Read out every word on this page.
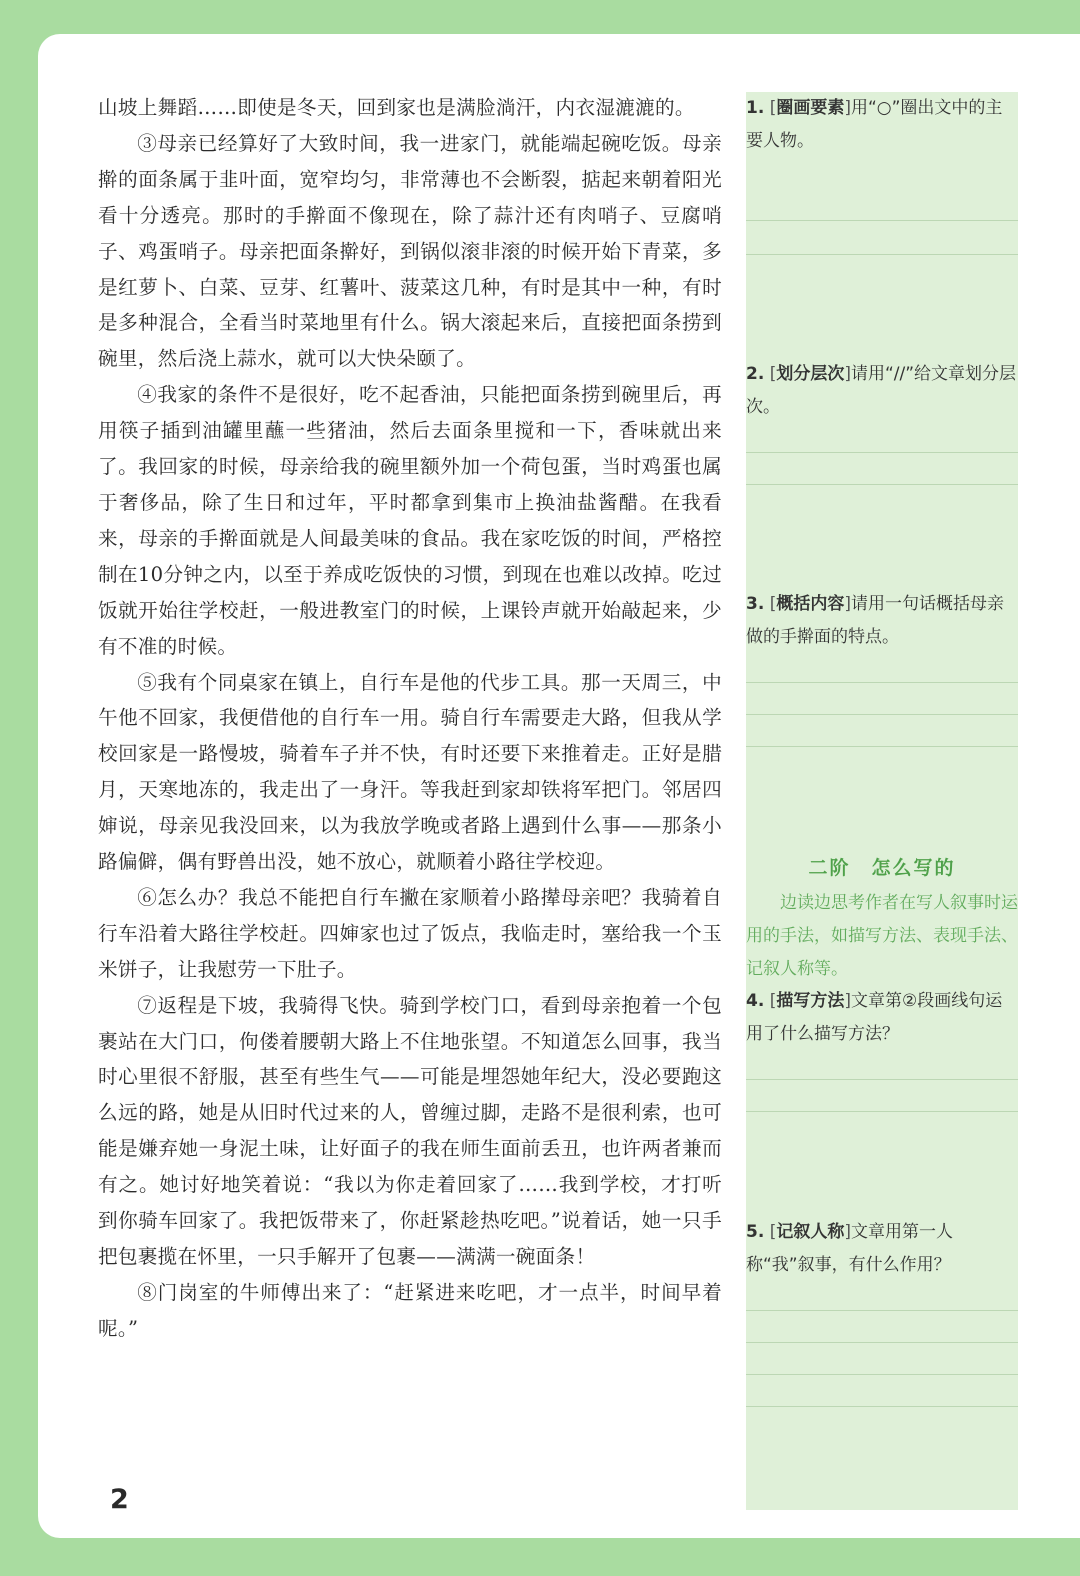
山坡上舞蹈……即使是冬天，回到家也是满脸淌汗，内衣湿漉漉的。

③母亲已经算好了大致时间，我一进家门，就能端起碗吃饭。母亲擀的面条属于韭叶面，宽窄均匀，非常薄也不会断裂，掂起来朝着阳光看十分透亮。那时的手擀面不像现在，除了蒜汁还有肉哨子、豆腐哨子、鸡蛋哨子。母亲把面条擀好，到锅似滚非滚的时候开始下青菜，多是红萝卜、白菜、豆芽、红薯叶、菠菜这几种，有时是其中一种，有时是多种混合，全看当时菜地里有什么。锅大滚起来后，直接把面条捞到碗里，然后浇上蒜水，就可以大快朵颐了。

④我家的条件不是很好，吃不起香油，只能把面条捞到碗里后，再用筷子插到油罐里蘸一些猪油，然后去面条里搅和一下，香味就出来了。我回家的时候，母亲给我的碗里额外加一个荷包蛋，当时鸡蛋也属于奢侈品，除了生日和过年，平时都拿到集市上换油盐酱醋。在我看来，母亲的手擀面就是人间最美味的食品。我在家吃饭的时间，严格控制在10分钟之内，以至于养成吃饭快的习惯，到现在也难以改掉。吃过饭就开始往学校赶，一般进教室门的时候，上课铃声就开始敲起来，少有不准的时候。

⑤我有个同桌家在镇上，自行车是他的代步工具。那一天周三，中午他不回家，我便借他的自行车一用。骑自行车需要走大路，但我从学校回家是一路慢坡，骑着车子并不快，有时还要下来推着走。正好是腊月，天寒地冻的，我走出了一身汗。等我赶到家却铁将军把门。邻居四婶说，母亲见我没回来，以为我放学晚或者路上遇到什么事——那条小路偏僻，偶有野兽出没，她不放心，就顺着小路往学校迎。

⑥怎么办？我总不能把自行车撇在家顺着小路撵母亲吧？我骑着自行车沿着大路往学校赶。四婶家也过了饭点，我临走时，塞给我一个玉米饼子，让我慰劳一下肚子。

⑦返程是下坡，我骑得飞快。骑到学校门口，看到母亲抱着一个包裹站在大门口，佝偻着腰朝大路上不住地张望。不知道怎么回事，我当时心里很不舒服，甚至有些生气——可能是埋怨她年纪大，没必要跑这么远的路，她是从旧时代过来的人，曾缠过脚，走路不是很利索，也可能是嫌弃她一身泥土味，让好面子的我在师生面前丢丑，也许两者兼而有之。她讨好地笑着说：“我以为你走着回家了……我到学校，才打听到你骑车回家了。我把饭带来了，你赶紧趁热吃吧。”说着话，她一只手把包裹揽在怀里，一只手解开了包裹——满满一碗面条！

⑧门岗室的牛师傅出来了：“赶紧进来吃吧，才一点半，时间早着呢。”

2
1. [圈画要素]用“○”圈出文中的主要人物。
2. [划分层次]请用“//”给文章划分层次。
3. [概括内容]请用一句话概括母亲做的手擀面的特点。
二阶　怎么写的
边读边思考作者在写人叙事时运用的手法，如描写方法、表现手法、记叙人称等。
4. [描写方法]文章第②段画线句运用了什么描写方法？
5. [记叙人称]文章用第一人称“我”叙事，有什么作用？
